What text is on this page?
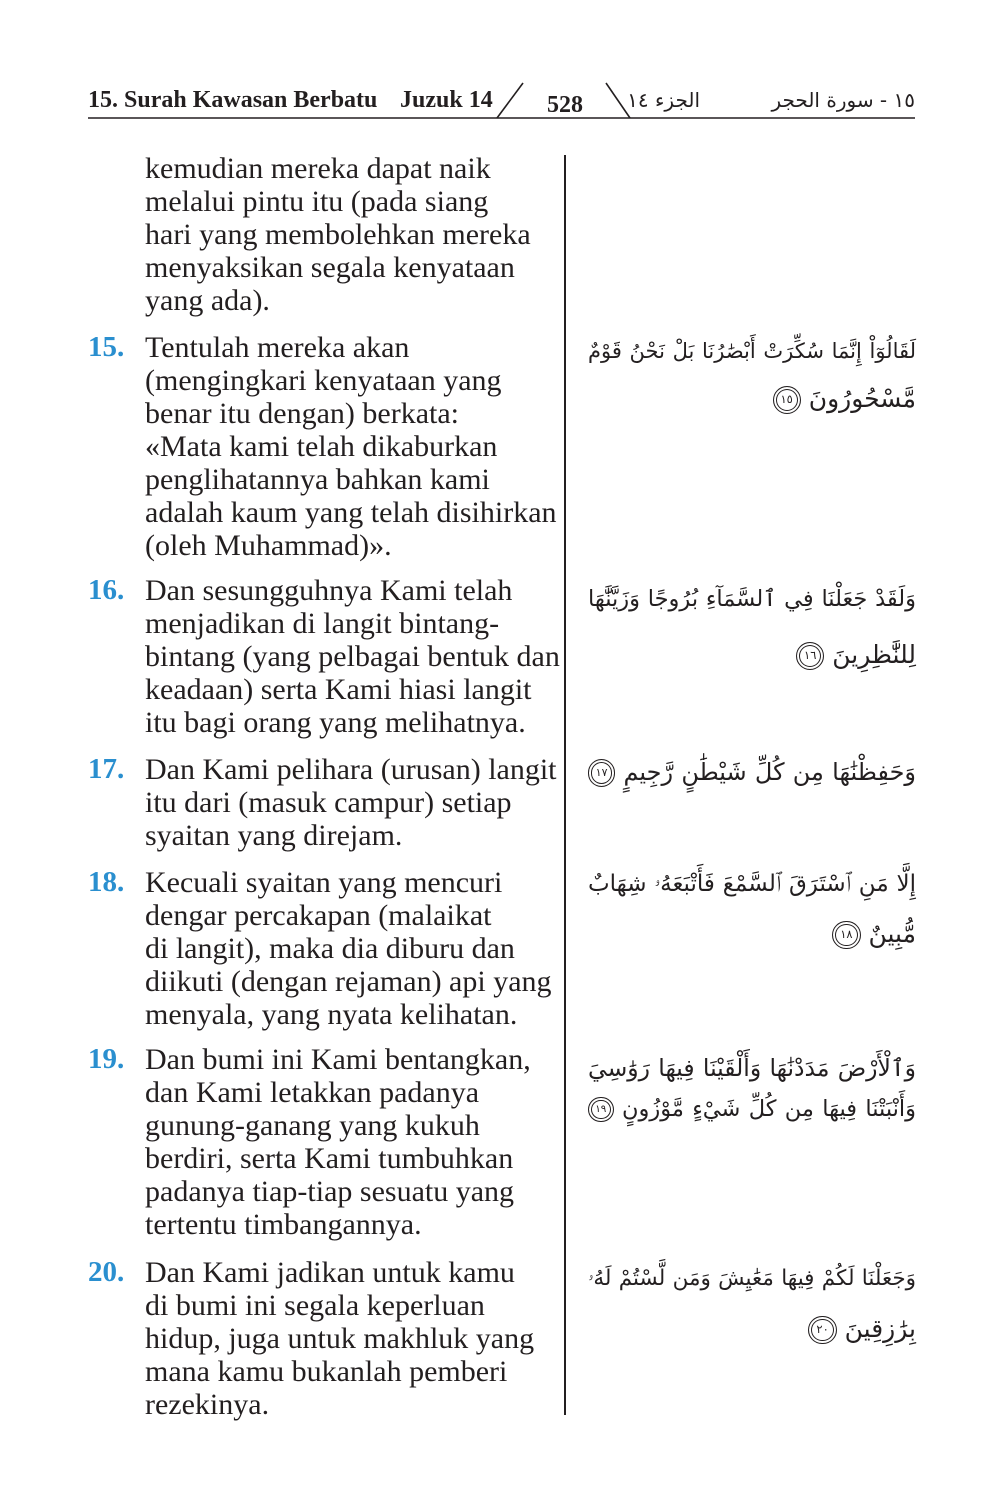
15. Surah Kawasan Berbatu Juzuk 14	528	الجزء ١٤	١٥ - سورة الحجر
kemudian mereka dapat naik
melalui pintu itu (pada siang
hari yang membolehkan mereka
menyaksikan segala kenyataan
yang ada).
15. Tentulah mereka akan
(mengingkari kenyataan yang
benar itu dengan) berkata:
«Mata kami telah dikaburkan
penglihatannya bahkan kami
adalah kaum yang telah disihirkan
(oleh Muhammad)».
16. Dan sesungguhnya Kami telah
menjadikan di langit bintang-
bintang (yang pelbagai bentuk dan
keadaan) serta Kami hiasi langit
itu bagi orang yang melihatnya.
17. Dan Kami pelihara (urusan) langit
itu dari (masuk campur) setiap
syaitan yang direjam.
18. Kecuali syaitan yang mencuri
dengar percakapan (malaikat
di langit), maka dia diburu dan
diikuti (dengan rejaman) api yang
menyala, yang nyata kelihatan.
19. Dan bumi ini Kami bentangkan,
dan Kami letakkan padanya
gunung-ganang yang kukuh
berdiri, serta Kami tumbuhkan
padanya tiap-tiap sesuatu yang
tertentu timbangannya.
20. Dan Kami jadikan untuk kamu
di bumi ini segala keperluan
hidup, juga untuk makhluk yang
mana kamu bukanlah pemberi
rezekinya.
لَقَالُوٓاْ إِنَّمَا سُكِّرَتْ أَبْصَٰرُنَا بَلْ نَحْنُ قَوْمٌ
مَّسْحُورُونَ
١٥
وَلَقَدْ جَعَلْنَا فِي ٱلسَّمَآءِ بُرُوجًا وَزَيَّنَّٰهَا
لِلنَّٰظِرِينَ
١٦
وَحَفِظْنَٰهَا مِن كُلِّ شَيْطَٰنٍ رَّجِيمٍ
١٧
إِلَّا مَنِ ٱسْتَرَقَ ٱلسَّمْعَ فَأَتْبَعَهُۥ شِهَابٌ
مُّبِينٌ
١٨
وَٱلْأَرْضَ مَدَدْنَٰهَا وَأَلْقَيْنَا فِيهَا رَوَٰسِيَ
وَأَنْبَتْنَا فِيهَا مِن كُلِّ شَيْءٍ مَّوْزُونٍ
١٩
وَجَعَلْنَا لَكُمْ فِيهَا مَعَٰيِشَ وَمَن لَّسْتُمْ لَهُۥ
بِرَٰزِقِينَ
٢٠
